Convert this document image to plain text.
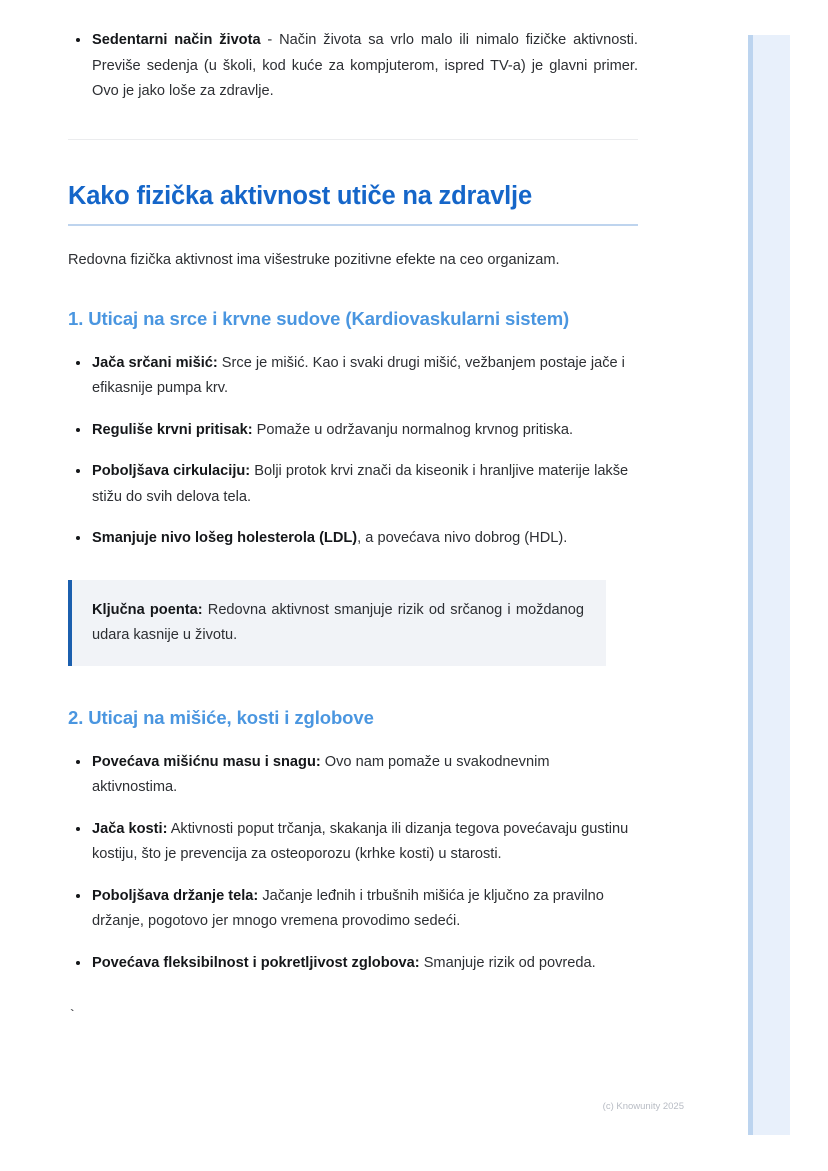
Sedentarni način života - Način života sa vrlo malo ili nimalo fizičke aktivnosti. Previše sedenja (u školi, kod kuće za kompjuterom, ispred TV-a) je glavni primer. Ovo je jako loše za zdravlje.
Kako fizička aktivnost utiče na zdravlje

Redovna fizička aktivnost ima višestruke pozitivne efekte na ceo organizam.

1. Uticaj na srce i krvne sudove (Kardiovaskularni sistem)
Jača srčani mišić: Srce je mišić. Kao i svaki drugi mišić, vežbanjem postaje jače i efikasnije pumpa krv.
Reguliše krvni pritisak: Pomaže u održavanju normalnog krvnog pritiska.
Poboljšava cirkulaciju: Bolji protok krvi znači da kiseonik i hranljive materije lakše stižu do svih delova tela.
Smanjuje nivo lošeg holesterola (LDL), a povećava nivo dobrog (HDL).

Ključna poenta: Redovna aktivnost smanjuje rizik od srčanog i moždanog udara kasnije u životu.

2. Uticaj na mišiće, kosti i zglobove
Povećava mišićnu masu i snagu: Ovo nam pomaže u svakodnevnim aktivnostima.
Jača kosti: Aktivnosti poput trčanja, skakanja ili dizanja tegova povećavaju gustinu kostiju, što je prevencija za osteoporozu (krhke kosti) u starosti.
Poboljšava držanje tela: Jačanje leđnih i trbušnih mišića je ključno za pravilno držanje, pogotovo jer mnogo vremena provodimo sedeći.
Povećava fleksibilnost i pokretljivost zglobova: Smanjuje rizik od povreda.
`
(c) Knowunity 2025
